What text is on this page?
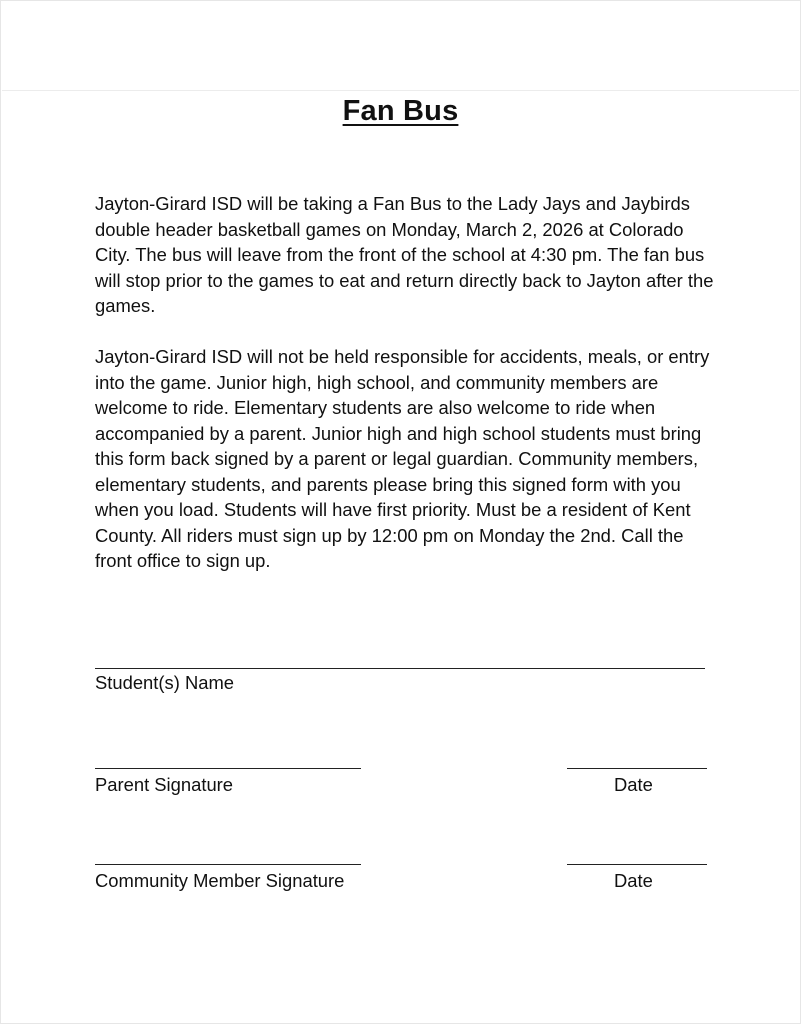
Fan Bus

Jayton-Girard ISD will be taking a Fan Bus to the Lady Jays and Jaybirds double header basketball games on Monday, March 2, 2026 at Colorado City. The bus will leave from the front of the school at 4:30 pm. The fan bus will stop prior to the games to eat and return directly back to Jayton after the games.

Jayton-Girard ISD will not be held responsible for accidents, meals, or entry into the game. Junior high, high school, and community members are welcome to ride. Elementary students are also welcome to ride when accompanied by a parent. Junior high and high school students must bring this form back signed by a parent or legal guardian. Community members, elementary students, and parents please bring this signed form with you when you load. Students will have first priority. Must be a resident of Kent County. All riders must sign up by 12:00 pm on Monday the 2nd. Call the front office to sign up.

Student(s) Name

Parent Signature	Date

Community Member Signature	Date
